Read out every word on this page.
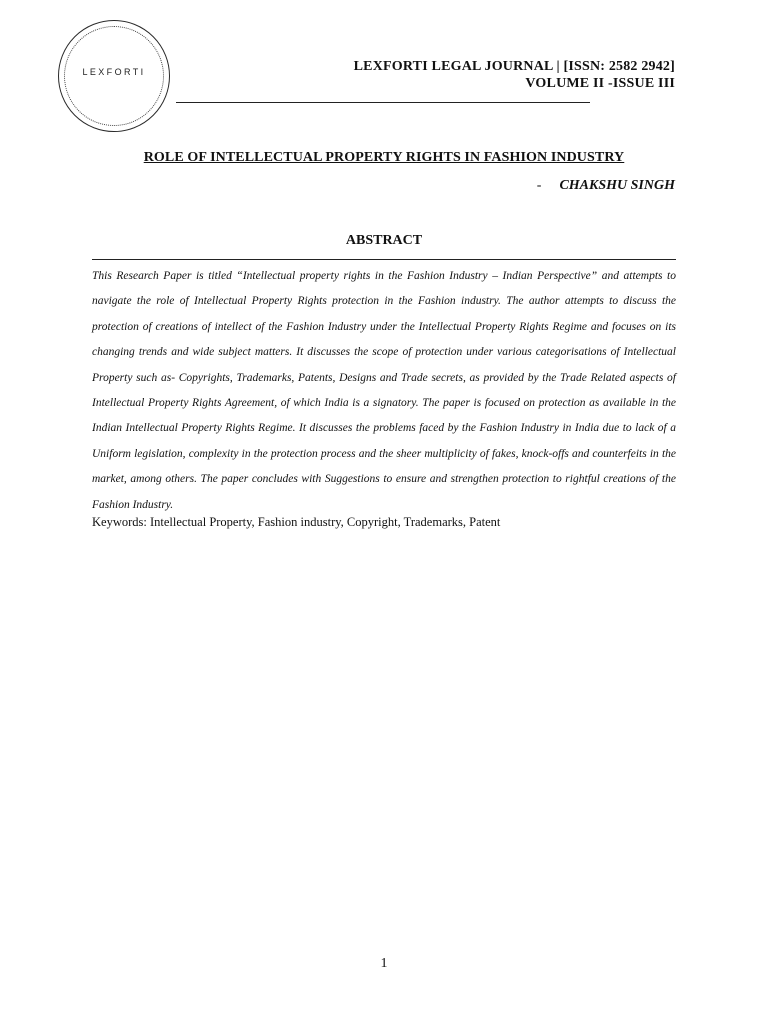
LEXFORTI	LEXFORTI LEGAL JOURNAL | [ISSN: 2582 2942]
VOLUME II -ISSUE III
ROLE OF INTELLECTUAL PROPERTY RIGHTS IN FASHION INDUSTRY
- CHAKSHU SINGH
ABSTRACT
This Research Paper is titled “Intellectual property rights in the Fashion Industry – Indian Perspective” and attempts to navigate the role of Intellectual Property Rights protection in the Fashion industry. The author attempts to discuss the protection of creations of intellect of the Fashion Industry under the Intellectual Property Rights Regime and focuses on its changing trends and wide subject matters. It discusses the scope of protection under various categorisations of Intellectual Property such as- Copyrights, Trademarks, Patents, Designs and Trade secrets, as provided by the Trade Related aspects of Intellectual Property Rights Agreement, of which India is a signatory. The paper is focused on protection as available in the Indian Intellectual Property Rights Regime. It discusses the problems faced by the Fashion Industry in India due to lack of a Uniform legislation, complexity in the protection process and the sheer multiplicity of fakes, knock-offs and counterfeits in the market, among others. The paper concludes with Suggestions to ensure and strengthen protection to rightful creations of the Fashion Industry.
Keywords: Intellectual Property, Fashion industry, Copyright, Trademarks, Patent
1
